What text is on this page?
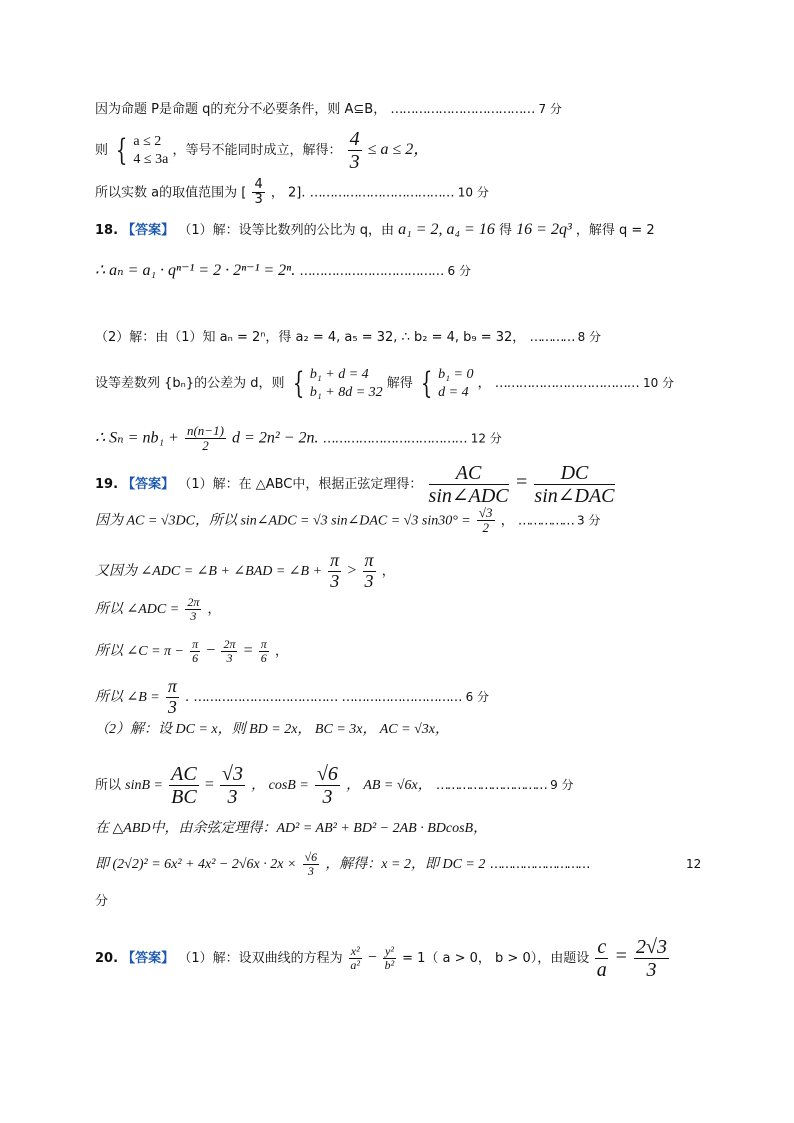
因为命题 P是命题 q的充分不必要条件，则 A⊆B， ……………………………… 7 分
则 { a ≤ 2
4 ≤ 3a
，等号不能同时成立，解得： $\frac{4}{3} \le a \le 2$，
所以实数 a的取值范围为 [ $\frac{4}{3}$ ， 2]. ……………………………… 10 分
18. 【答案】 （1）解：设等比数列的公比为 q，由 a₁ = 2, a₄ = 16 得 16 = 2q³ ，解得 q = 2
∴ aₙ = a₁ · qⁿ⁻¹ = 2 · 2ⁿ⁻¹ = 2ⁿ. ……………………………… 6 分
（2）解：由（1）知 aₙ = 2ⁿ，得 a₂ = 4, a₅ = 32, ∴ b₂ = 4, b₉ = 32， ………… 8 分
设等差数列 {bₙ}的公差为 d，则 { b₁ + d = 4
b₁ + 8d = 32
解得 { b₁ = 0
d = 4
， ……………………………… 10 分
∴ $S_n = nb_1 + \frac{n(n-1)}{2}$ d = 2n² − 2n. ……………………………… 12 分
19. 【答案】 （1）解：在 △ABC中，根据正弦定理得： $\frac{AC}{\text{sin∠ADC}} = \frac{DC}{\text{sin∠DAC}}$
因为 AC = √3DC，所以 sin∠ADC = √3 sin∠DAC = √3 $\sin 30^\circ = \frac{√3}{2}$ ， …………… 3 分
又因为 ∠ADC = ∠B + ∠BAD = ∠B + $\frac{\pi}{3} > \frac{\pi}{3}$ ，
所以 ∠ADC = $\frac{2\pi}{3}$ ，
所以 ∠C = $\pi - \frac{\pi}{6} - \frac{2\pi}{3} = \frac{\pi}{6}$ ，
所以 ∠B = $\frac{\pi}{3}$ . ……………………………… ………………………… 6 分
（2）解：设 DC = x，则 BD = 2x， BC = 3x， AC = √3x，
所以 $\sin B = \frac{AC}{BC} = \frac{√3}{3}$ ， $\cos B = \frac{√6}{3}$ ， AB = √6x， ………………………… 9 分
在 △ABD中，由余弦定理得：AD² = AB² + BD² − 2AB · BDcosB，
即 $(2√2)^2 = 6x^2 + 4x^2 - 2√6x \cdot 2x \times \frac{√6}{3}$ ，解得：x = 2，即 DC = 2 ………………………	12
分
20. 【答案】 （1）解：设双曲线的方程为 $\frac{\text{x²}}{\text{a²}} - \frac{\text{y²}}{\text{b²}} = 1$（ a > 0， b > 0），由题设 $\frac{c}{a} = \frac{2√3}{3}$
